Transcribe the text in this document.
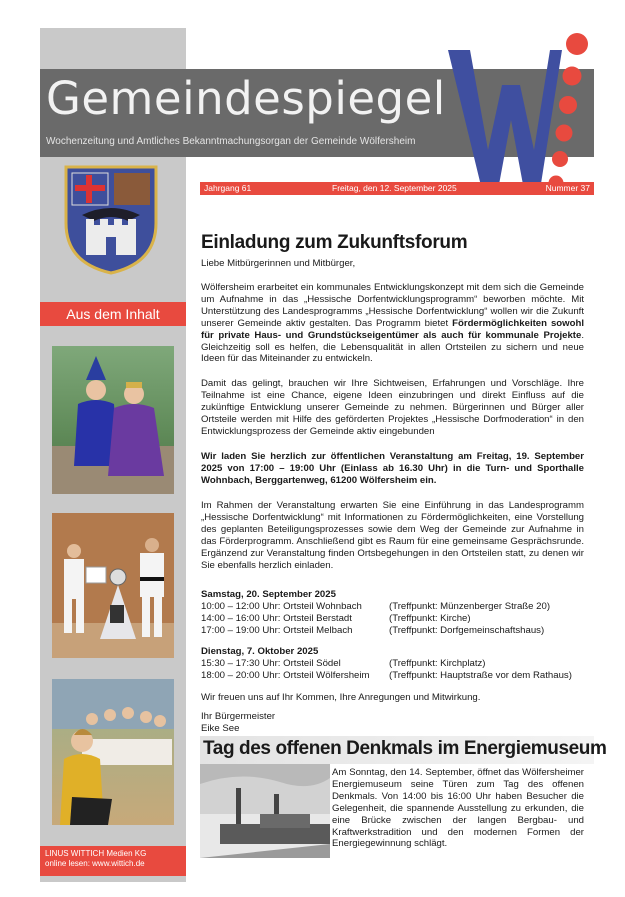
Gemeindespiegel
Wochenzeitung und Amtliches Bekanntmachungsorgan der Gemeinde Wölfersheim
Jahrgang 61	Freitag, den 12. September 2025	Nummer 37
Aus dem Inhalt
LINUS WITTICH Medien KG
online lesen: www.wittich.de
Einladung zum Zukunftsforum
Liebe Mitbürgerinnen und Mitbürger,
Wölfersheim erarbeitet ein kommunales Entwicklungskonzept mit dem sich die Gemeinde um Aufnahme in das „Hessische Dorfentwicklungsprogramm“ beworben möchte. Mit Unterstützung des Landesprogramms „Hessische Dorfentwicklung“ wollen wir die Zukunft unserer Gemeinde aktiv gestalten. Das Programm bietet Fördermöglichkeiten sowohl für private Haus- und Grundstückseigentümer als auch für kommunale Projekte. Gleichzeitig soll es helfen, die Lebensqualität in allen Ortsteilen zu sichern und neue Ideen für das Miteinander zu entwickeln.
Damit das gelingt, brauchen wir Ihre Sichtweisen, Erfahrungen und Vorschläge. Ihre Teilnahme ist eine Chance, eigene Ideen einzubringen und direkt Einfluss auf die zukünftige Entwicklung unserer Gemeinde zu nehmen. Bürgerinnen und Bürger aller Ortsteile werden mit Hilfe des geförderten Projektes „Hessische Dorfmoderation“ in den Entwicklungsprozess der Gemeinde aktiv eingebunden
Wir laden Sie herzlich zur öffentlichen Veranstaltung am Freitag, 19. September 2025 von 17:00 – 19:00 Uhr (Einlass ab 16.30 Uhr) in die Turn- und Sporthalle Wohnbach, Berggartenweg, 61200 Wölfersheim ein.
Im Rahmen der Veranstaltung erwarten Sie eine Einführung in das Landesprogramm „Hessische Dorfentwicklung“ mit Informationen zu Fördermöglichkeiten, eine Vorstellung des geplanten Beteiligungsprozesses sowie dem Weg der Gemeinde zur Aufnahme in das Förderprogramm. Anschließend gibt es Raum für eine gemeinsame Gesprächsrunde. Ergänzend zur Veranstaltung finden Ortsbegehungen in den Ortsteilen statt, zu denen wir Sie ebenfalls herzlich einladen.
Samstag, 20. September 2025
10:00 – 12:00 Uhr: Ortsteil Wohnbach	(Treffpunkt: Münzenberger Straße 20)
14:00 – 16:00 Uhr: Ortsteil Berstadt	(Treffpunkt: Kirche)
17:00 – 19:00 Uhr: Ortsteil Melbach	(Treffpunkt: Dorfgemeinschaftshaus)
Dienstag, 7. Oktober 2025
15:30 – 17:30 Uhr: Ortsteil Södel	(Treffpunkt: Kirchplatz)
18:00 – 20:00 Uhr: Ortsteil Wölfersheim (Treffpunkt: Hauptstraße vor dem Rathaus)
Wir freuen uns auf Ihr Kommen, Ihre Anregungen und Mitwirkung.
Ihr Bürgermeister
Eike See
Tag des offenen Denkmals im Energiemuseum
Am Sonntag, den 14. September, öffnet das Wölfersheimer Energiemuseum seine Türen zum Tag des offenen Denkmals. Von 14:00 bis 16:00 Uhr haben Besucher die Gelegenheit, die spannende Ausstellung zu erkunden, die eine Brücke zwischen der langen Bergbau- und Kraftwerkstradition und den modernen Formen der Energiegewinnung schlägt.
